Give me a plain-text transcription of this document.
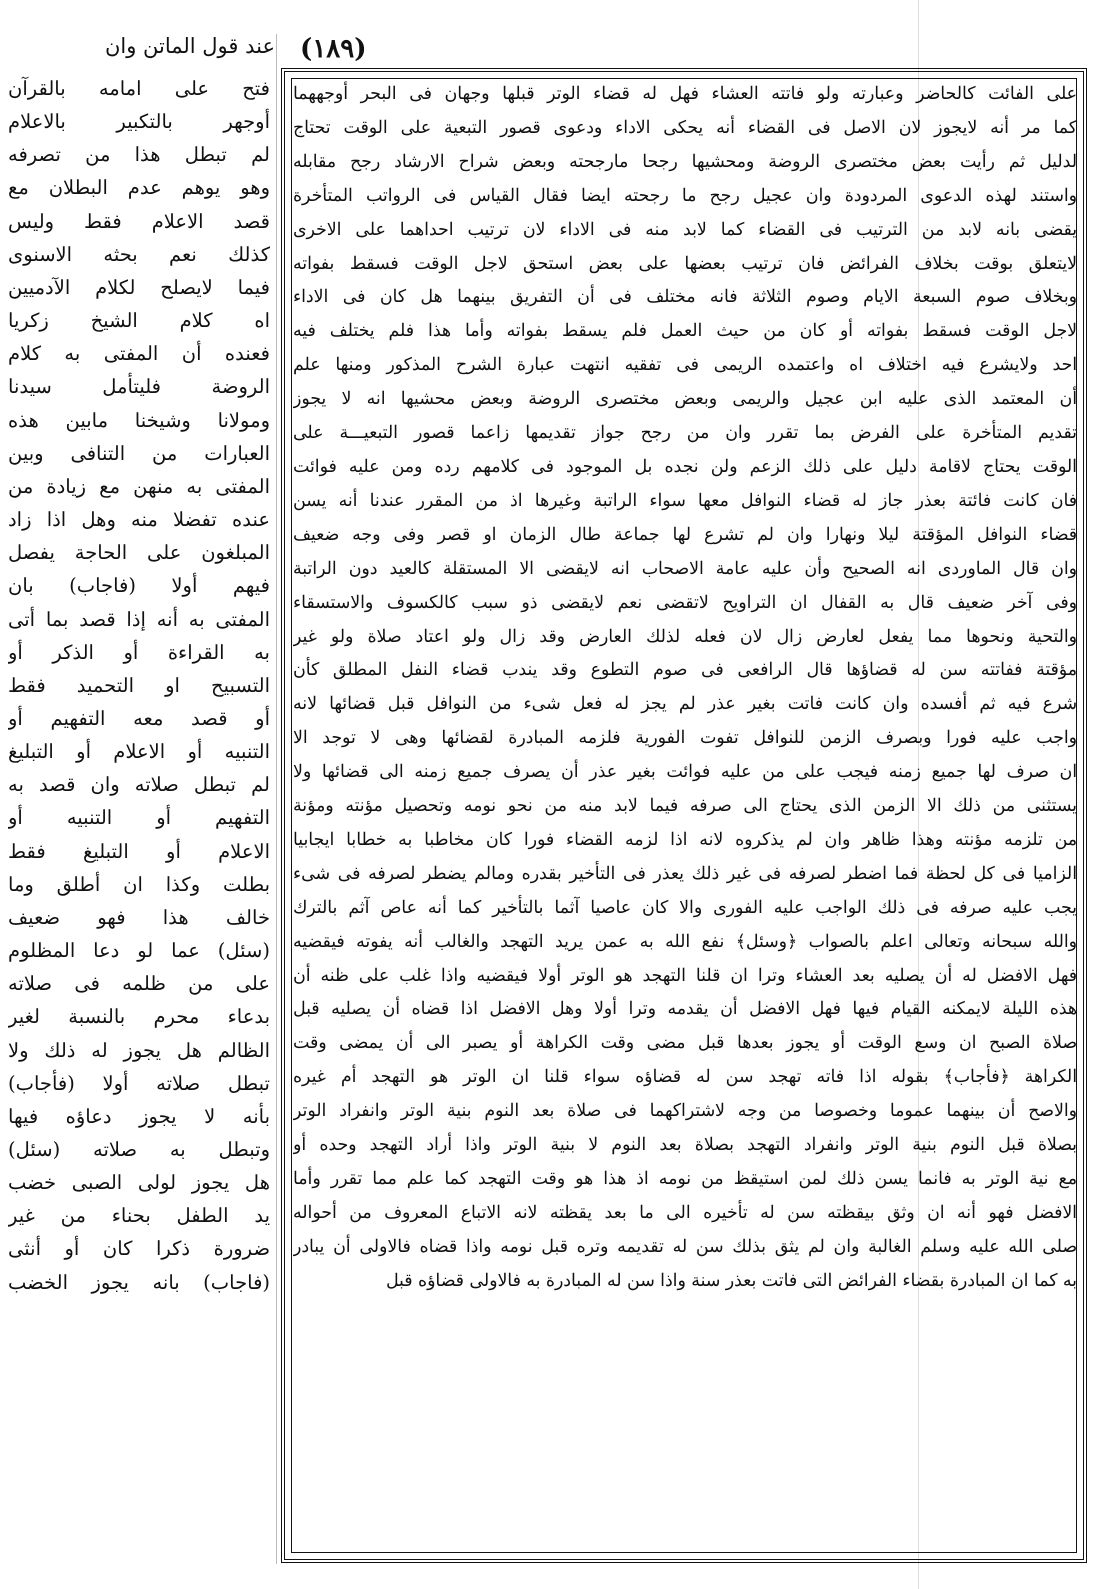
(١٨٩)
عند قول الماتن وان

على الفائت كالحاضر وعبارته ولو فاتته العشاء فهل له قضاء الوتر قبلها وجهان فى البحر أوجههما

كما مر أنه لايجوز لان الاصل فى القضاء أنه يحكى الاداء ودعوى قصور التبعية على الوقت تحتاج

لدليل ثم رأيت بعض مختصرى الروضة ومحشيها رجحا مارجحته وبعض شراح الارشاد رجح مقابله

واستند لهذه الدعوى المردودة وان عجيل رجح ما رجحته ايضا فقال القياس فى الرواتب المتأخرة

يقضى بانه لابد من الترتيب فى القضاء كما لابد منه فى الاداء لان ترتيب احداهما على الاخرى

لايتعلق بوقت بخلاف الفرائض فان ترتيب بعضها على بعض استحق لاجل الوقت فسقط بفواته

وبخلاف صوم السبعة الايام وصوم الثلاثة فانه مختلف فى أن التفريق بينهما هل كان فى الاداء

لاجل الوقت فسقط بفواته أو كان من حيث العمل فلم يسقط بفواته وأما هذا فلم يختلف فيه

احد ولايشرع فيه اختلاف اه واعتمده الريمى فى تفقيه انتهت عبارة الشرح المذكور ومنها علم

أن المعتمد الذى عليه ابن عجيل والريمى وبعض مختصرى الروضة وبعض محشيها انه لا يجوز

تقديم المتأخرة على الفرض بما تقرر وان من رجح جواز تقديمها زاعما قصور التبعيـــة على

الوقت يحتاج لاقامة دليل على ذلك الزعم ولن نجده بل الموجود فى كلامهم رده ومن عليه فوائت

فان كانت فائتة بعذر جاز له قضاء النوافل معها سواء الراتبة وغيرها اذ من المقرر عندنا أنه يسن

قضاء النوافل المؤقتة ليلا ونهارا وان لم تشرع لها جماعة طال الزمان او قصر وفى وجه ضعيف

وان قال الماوردى انه الصحيح وأن عليه عامة الاصحاب انه لايقضى الا المستقلة كالعيد دون الراتبة

وفى آخر ضعيف قال به القفال ان التراويح لاتقضى نعم لايقضى ذو سبب كالكسوف والاستسقاء

والتحية ونحوها مما يفعل لعارض زال لان فعله لذلك العارض وقد زال ولو اعتاد صلاة ولو غير

مؤقتة ففاتته سن له قضاؤها قال الرافعى فى صوم التطوع وقد يندب قضاء النفل المطلق كأن

شرع فيه ثم أفسده وان كانت فاتت بغير عذر لم يجز له فعل شىء من النوافل قبل قضائها لانه

واجب عليه فورا وبصرف الزمن للنوافل تفوت الفورية فلزمه المبادرة لقضائها وهى لا توجد الا

ان صرف لها جميع زمنه فيجب على من عليه فوائت بغير عذر أن يصرف جميع زمنه الى قضائها ولا

يستثنى من ذلك الا الزمن الذى يحتاج الى صرفه فيما لابد منه من نحو نومه وتحصيل مؤنته ومؤنة

من تلزمه مؤنته وهذا ظاهر وان لم يذكروه لانه اذا لزمه القضاء فورا كان مخاطبا به خطابا ايجابيا

الزاميا فى كل لحظة فما اضطر لصرفه فى غير ذلك يعذر فى التأخير بقدره ومالم يضطر لصرفه فى شىء

يجب عليه صرفه فى ذلك الواجب عليه الفورى والا كان عاصيا آثما بالتأخير كما أنه عاص آثم بالترك

والله سبحانه وتعالى اعلم بالصواب ﴿وسئل﴾ نفع الله به عمن يريد التهجد والغالب أنه يفوته فيقضيه

فهل الافضل له أن يصليه بعد العشاء وترا ان قلنا التهجد هو الوتر أولا فيقضيه واذا غلب على ظنه أن

هذه الليلة لايمكنه القيام فيها فهل الافضل أن يقدمه وترا أولا وهل الافضل اذا قضاه أن يصليه قبل

صلاة الصبح ان وسع الوقت أو يجوز بعدها قبل مضى وقت الكراهة أو يصبر الى أن يمضى وقت

الكراهة ﴿فأجاب﴾ بقوله اذا فاته تهجد سن له قضاؤه سواء قلنا ان الوتر هو التهجد أم غيره

والاصح أن بينهما عموما وخصوصا من وجه لاشتراكهما فى صلاة بعد النوم بنية الوتر وانفراد الوتر

بصلاة قبل النوم بنية الوتر وانفراد التهجد بصلاة بعد النوم لا بنية الوتر واذا أراد التهجد وحده أو

مع نية الوتر به فانما يسن ذلك لمن استيقظ من نومه اذ هذا هو وقت التهجد كما علم مما تقرر وأما

الافضل فهو أنه ان وثق بيقظته سن له تأخيره الى ما بعد يقظته لانه الاتباع المعروف من أحواله

صلى الله عليه وسلم الغالبة وان لم يثق بذلك سن له تقديمه وتره قبل نومه واذا قضاه فالاولى أن يبادر

به كما ان المبادرة بقضاء الفرائض التى فاتت بعذر سنة واذا سن له المبادرة به فالاولى قضاؤه قبل

فتح على امامه بالقرآن

أوجهر بالتكبير بالاعلام

لم تبطل هذا من تصرفه

وهو يوهم عدم البطلان مع

قصد الاعلام فقط وليس

كذلك نعم بحثه الاسنوى

فيما لايصلح لكلام الآدميين

اه كلام الشيخ زكريا

فعنده أن المفتى به كلام

الروضة فليتأمل سيدنا

ومولانا وشيخنا مابين هذه

العبارات من التنافى وبين

المفتى به منهن مع زيادة من

عنده تفضلا منه وهل اذا زاد

المبلغون على الحاجة يفصل

فيهم أولا (فاجاب) بان

المفتى به أنه إذا قصد بما أتى

به القراءة أو الذكر أو

التسبيح او التحميد فقط

أو قصد معه التفهيم أو

التنبيه أو الاعلام أو التبليغ

لم تبطل صلاته وان قصد به

التفهيم أو التنبيه أو

الاعلام أو التبليغ فقط

بطلت وكذا ان أطلق وما

خالف هذا فهو ضعيف

(سئل) عما لو دعا المظلوم

على من ظلمه فى صلاته

بدعاء محرم بالنسبة لغير

الظالم هل يجوز له ذلك ولا

تبطل صلاته أولا (فأجاب)

بأنه لا يجوز دعاؤه فيها

وتبطل به صلاته (سئل)

هل يجوز لولى الصبى خضب

يد الطفل بحناء من غير

ضرورة ذكرا كان أو أنثى

(فاجاب) بانه يجوز الخضب
